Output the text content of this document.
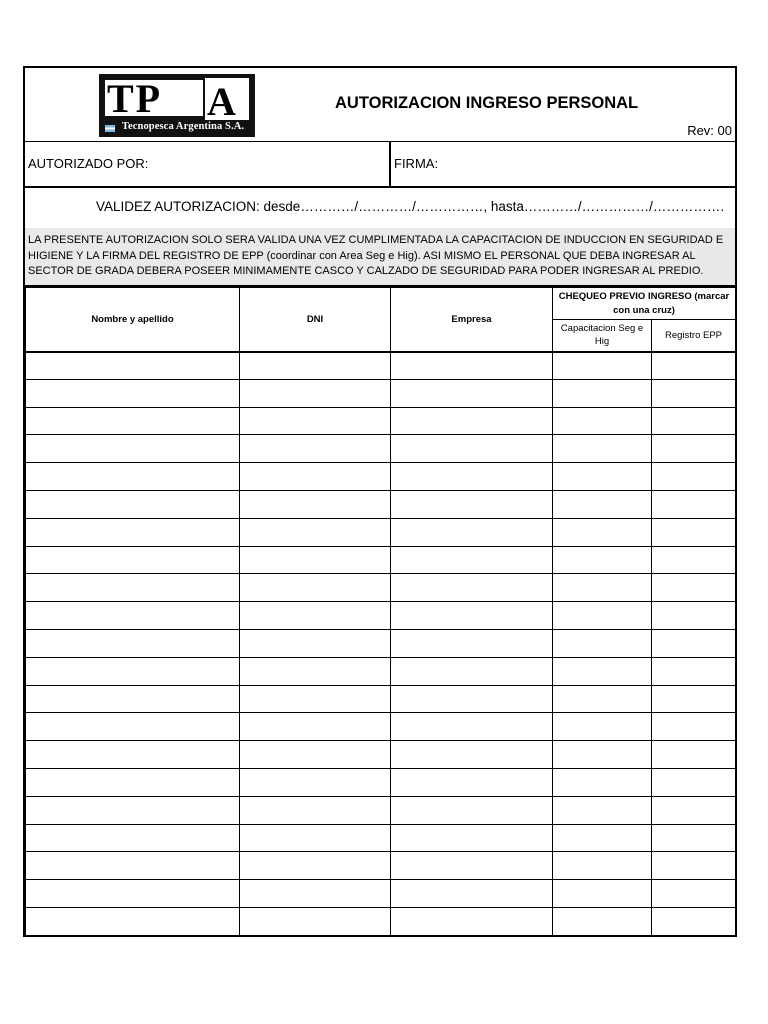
TP A
Tecnopesca Argentina S.A.
AUTORIZACION INGRESO PERSONAL
Rev: 00
AUTORIZADO POR:	FIRMA:
VALIDEZ AUTORIZACION: desde…………/…………/……………, hasta…………/……………/…………….
LA PRESENTE AUTORIZACION SOLO SERA VALIDA UNA VEZ CUMPLIMENTADA LA CAPACITACION DE INDUCCION EN SEGURIDAD E HIGIENE Y LA FIRMA DEL REGISTRO DE EPP (coordinar con Area Seg e Hig). ASI MISMO EL PERSONAL QUE DEBA INGRESAR AL SECTOR DE GRADA DEBERA POSEER MINIMAMENTE CASCO Y CALZADO DE SEGURIDAD PARA PODER INGRESAR AL PREDIO.
Nombre y apellido	DNI	Empresa	CHEQUEO PREVIO INGRESO (marcar con una cruz)	
			Capacitacion Seg e Hig	Registro EPP
